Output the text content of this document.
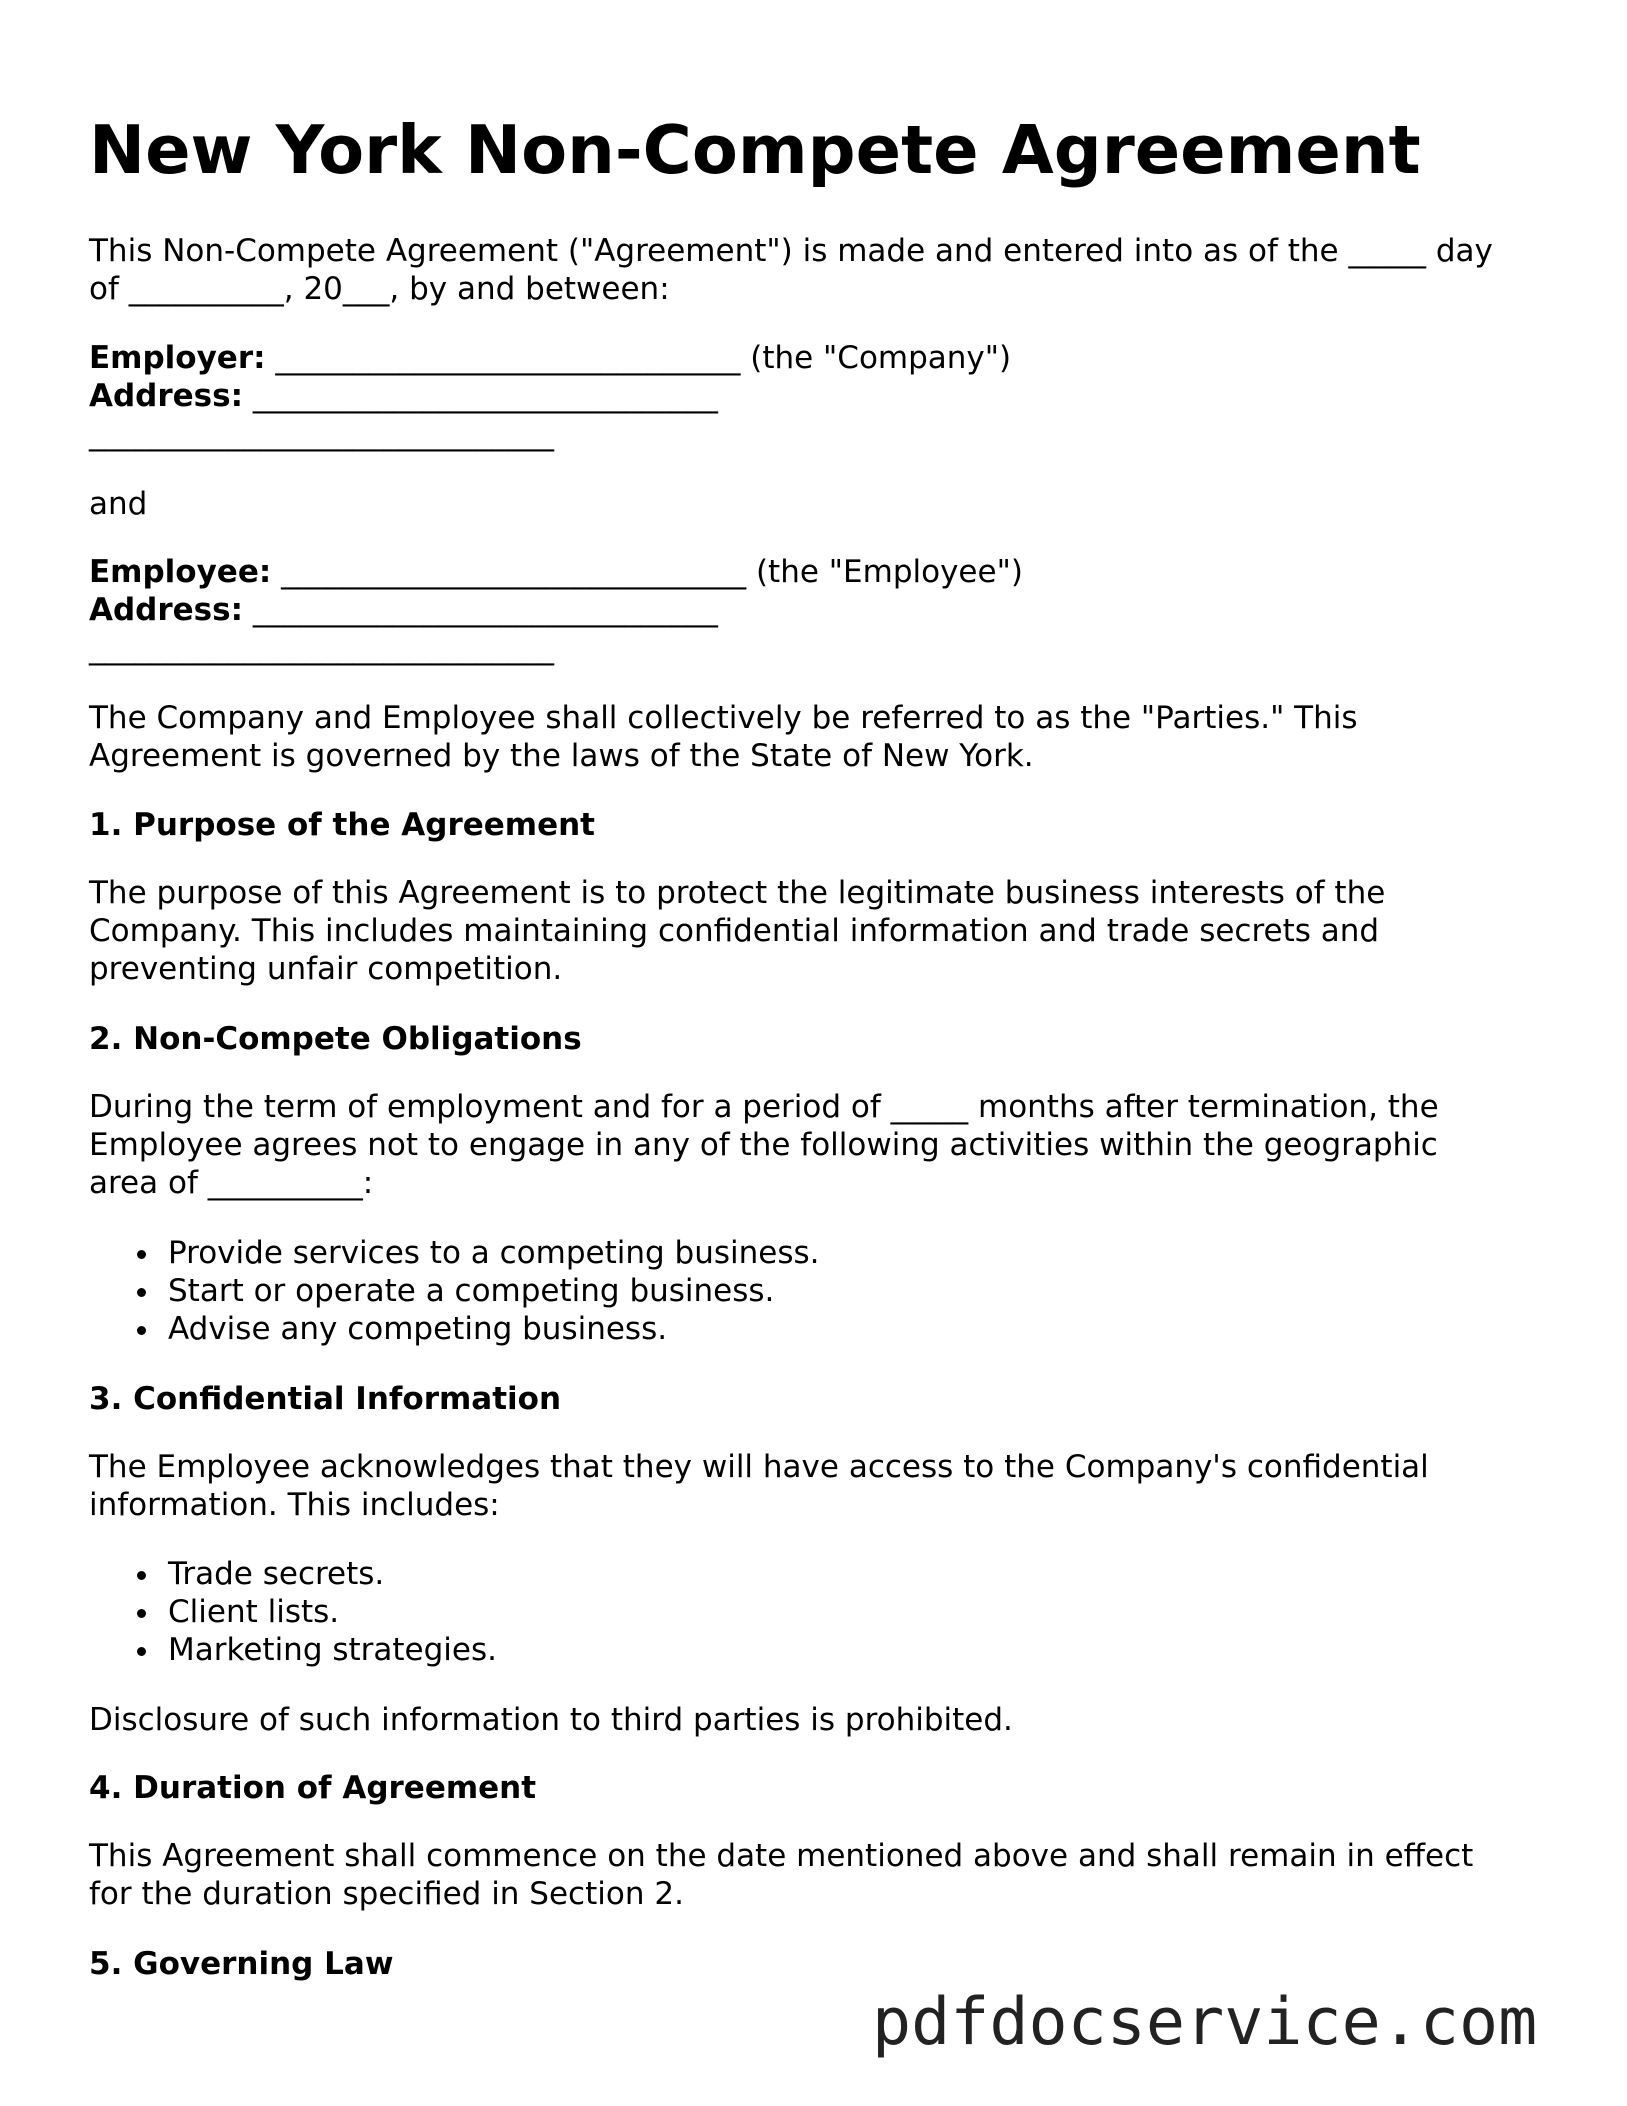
New York Non-Compete Agreement

This Non-Compete Agreement ("Agreement") is made and entered into as of the _____ day
of __________, 20___, by and between:

Employer: ______________________________ (the "Company")
Address: ______________________________
______________________________

and

Employee: ______________________________ (the "Employee")
Address: ______________________________
______________________________

The Company and Employee shall collectively be referred to as the "Parties." This
Agreement is governed by the laws of the State of New York.

1. Purpose of the Agreement

The purpose of this Agreement is to protect the legitimate business interests of the
Company. This includes maintaining confidential information and trade secrets and
preventing unfair competition.

2. Non-Compete Obligations

During the term of employment and for a period of _____ months after termination, the
Employee agrees not to engage in any of the following activities within the geographic
area of __________:

Provide services to a competing business.
Start or operate a competing business.
Advise any competing business.
3. Confidential Information

The Employee acknowledges that they will have access to the Company's confidential
information. This includes:

Trade secrets.
Client lists.
Marketing strategies.

Disclosure of such information to third parties is prohibited.

4. Duration of Agreement

This Agreement shall commence on the date mentioned above and shall remain in effect
for the duration specified in Section 2.

5. Governing Law
pdfdocservice.com
